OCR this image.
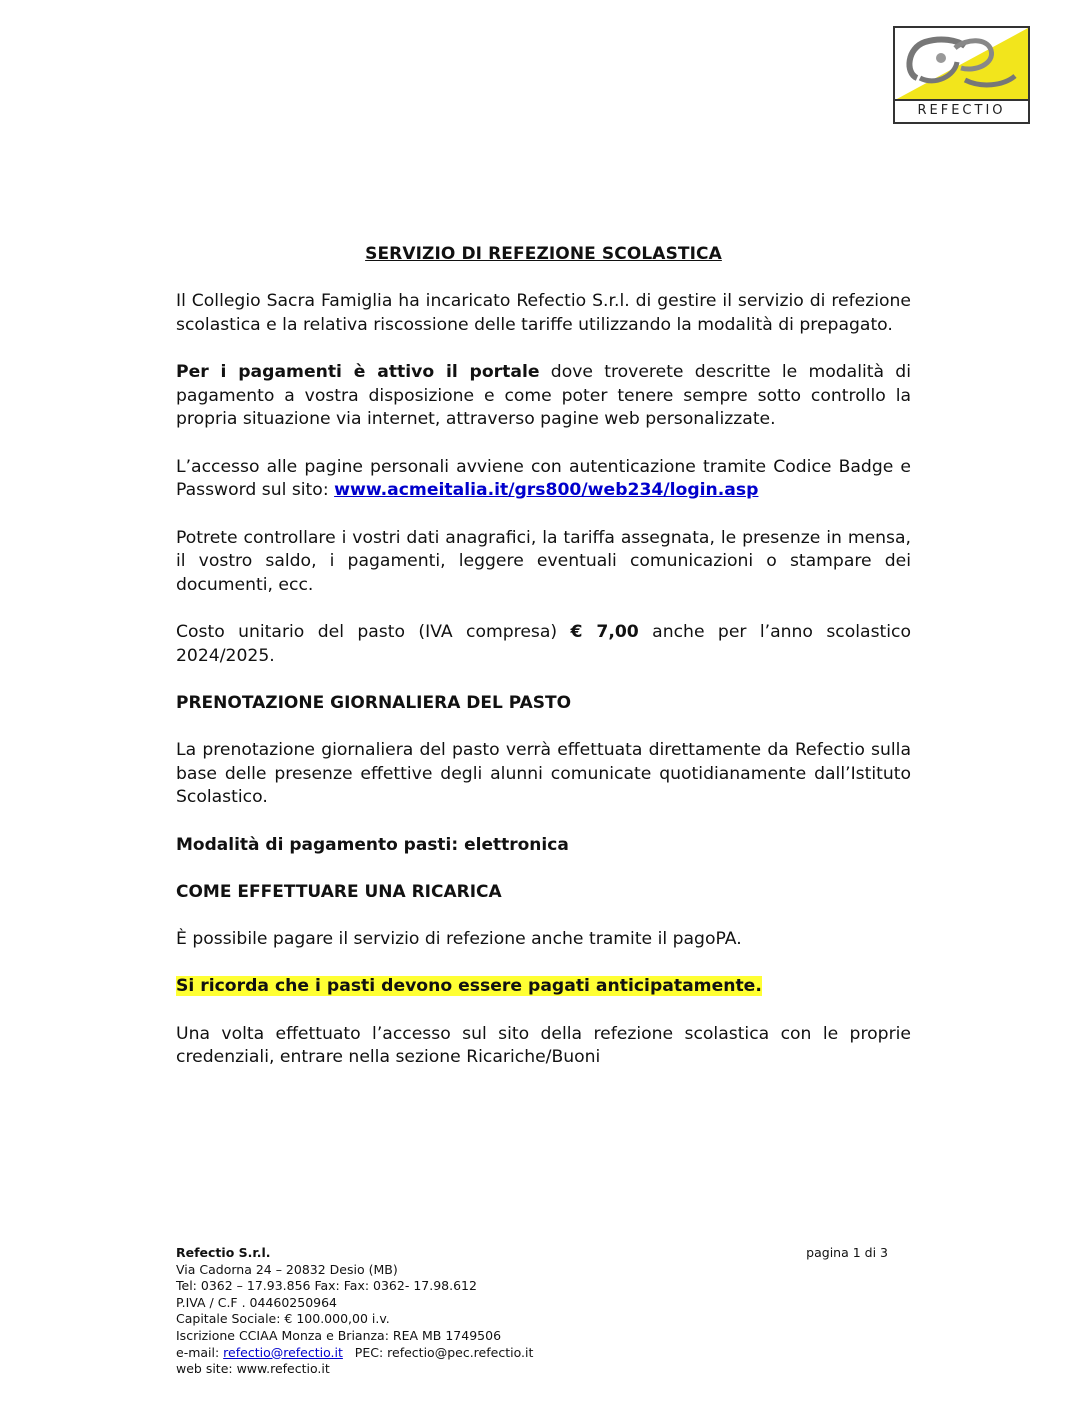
REFECTIO
SERVIZIO DI REFEZIONE SCOLASTICA

Il Collegio Sacra Famiglia ha incaricato Refectio S.r.l. di gestire il servizio di refezione scolastica e la relativa riscossione delle tariffe utilizzando la modalità di prepagato.

Per i pagamenti è attivo il portale dove troverete descritte le modalità di pagamento a vostra disposizione e come poter tenere sempre sotto controllo la propria situazione via internet, attraverso pagine web personalizzate.

L’accesso alle pagine personali avviene con autenticazione tramite Codice Badge e Password sul sito: www.acmeitalia.it/grs800/web234/login.asp

Potrete controllare i vostri dati anagrafici, la tariffa assegnata, le presenze in mensa, il vostro saldo, i pagamenti, leggere eventuali comunicazioni o stampare dei documenti, ecc.

Costo unitario del pasto (IVA compresa) € 7,00 anche per l’anno scolastico 2024/2025.

PRENOTAZIONE GIORNALIERA DEL PASTO

La prenotazione giornaliera del pasto verrà effettuata direttamente da Refectio sulla base delle presenze effettive degli alunni comunicate quotidianamente dall’Istituto Scolastico.

Modalità di pagamento pasti: elettronica
COME EFFETTUARE UNA RICARICA

È possibile pagare il servizio di refezione anche tramite il pagoPA.

Si ricorda che i pasti devono essere pagati anticipatamente.

Una volta effettuato l’accesso sul sito della refezione scolastica con le proprie credenziali, entrare nella sezione Ricariche/Buoni

pagina 1 di 3
Refectio S.r.l.
Via Cadorna 24 – 20832 Desio (MB)
Tel: 0362 – 17.93.856 Fax: Fax: 0362- 17.98.612
P.IVA / C.F . 04460250964
Capitale Sociale: € 100.000,00 i.v.
Iscrizione CCIAA Monza e Brianza: REA MB 1749506
e-mail: refectio@refectio.it   PEC: refectio@pec.refectio.it
web site: www.refectio.it
